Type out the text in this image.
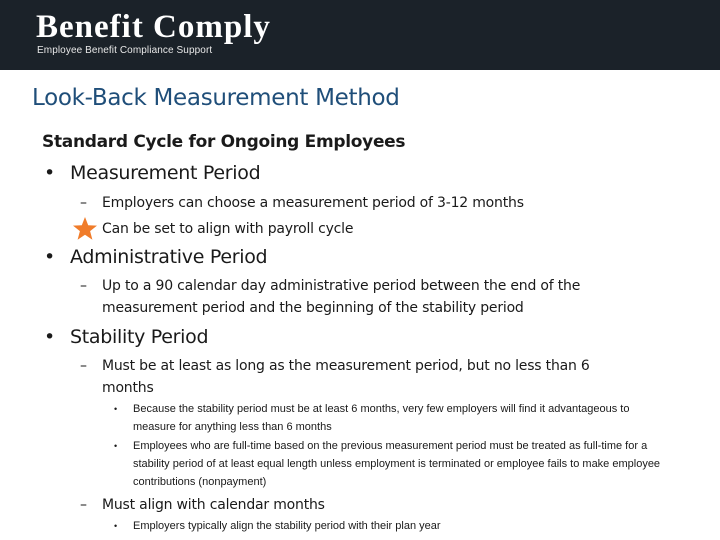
Benefit Comply
Employee Benefit Compliance Support
Look-Back Measurement Method
Standard Cycle for Ongoing Employees
• Measurement Period
–	Employers can choose a measurement period of 3-12 months
Can be set to align with payroll cycle
• Administrative Period
–	Up to a 90 calendar day administrative period between the end of the measurement period and the beginning of the stability period
• Stability Period
–	Must be at least as long as the measurement period, but no less than 6 months
•	Because the stability period must be at least 6 months, very few employers will find it advantageous to measure for anything less than 6 months
•	Employees who are full-time based on the previous measurement period must be treated as full-time for a stability period of at least equal length unless employment is terminated or employee fails to make employee contributions (nonpayment)
–	Must align with calendar months
•	Employers typically align the stability period with their plan year
